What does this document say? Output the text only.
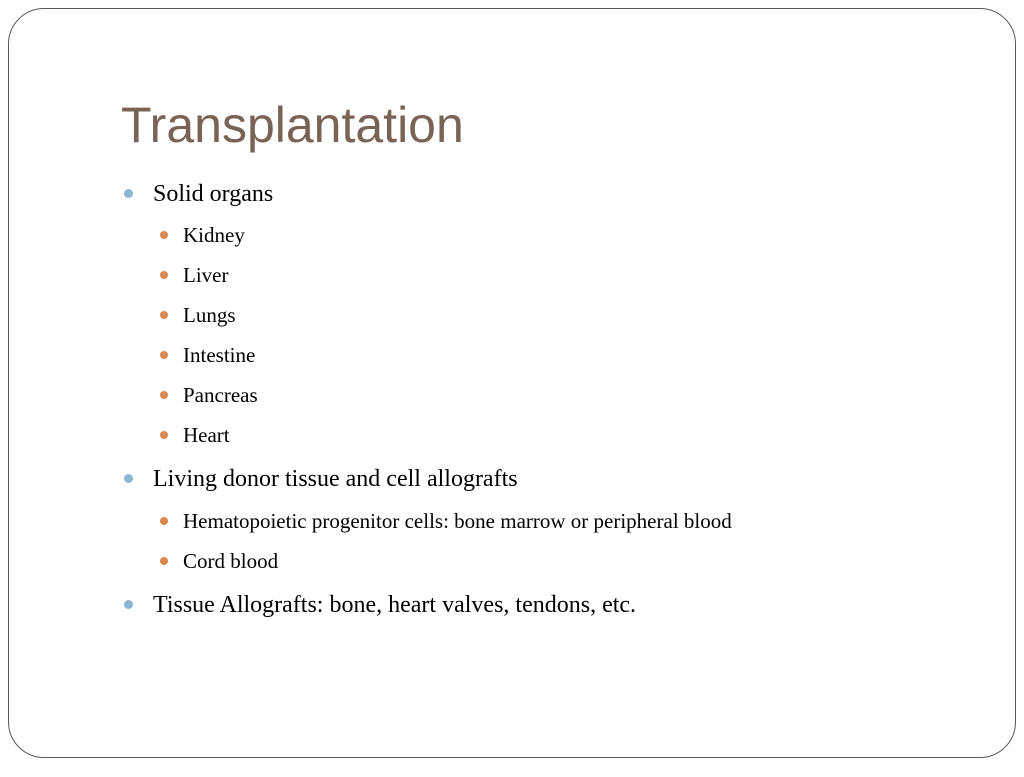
Transplantation
Solid organs
Kidney
Liver
Lungs
Intestine
Pancreas
Heart
Living donor tissue and cell allografts
Hematopoietic progenitor cells: bone marrow or peripheral blood
Cord blood
Tissue Allografts: bone, heart valves, tendons, etc.
